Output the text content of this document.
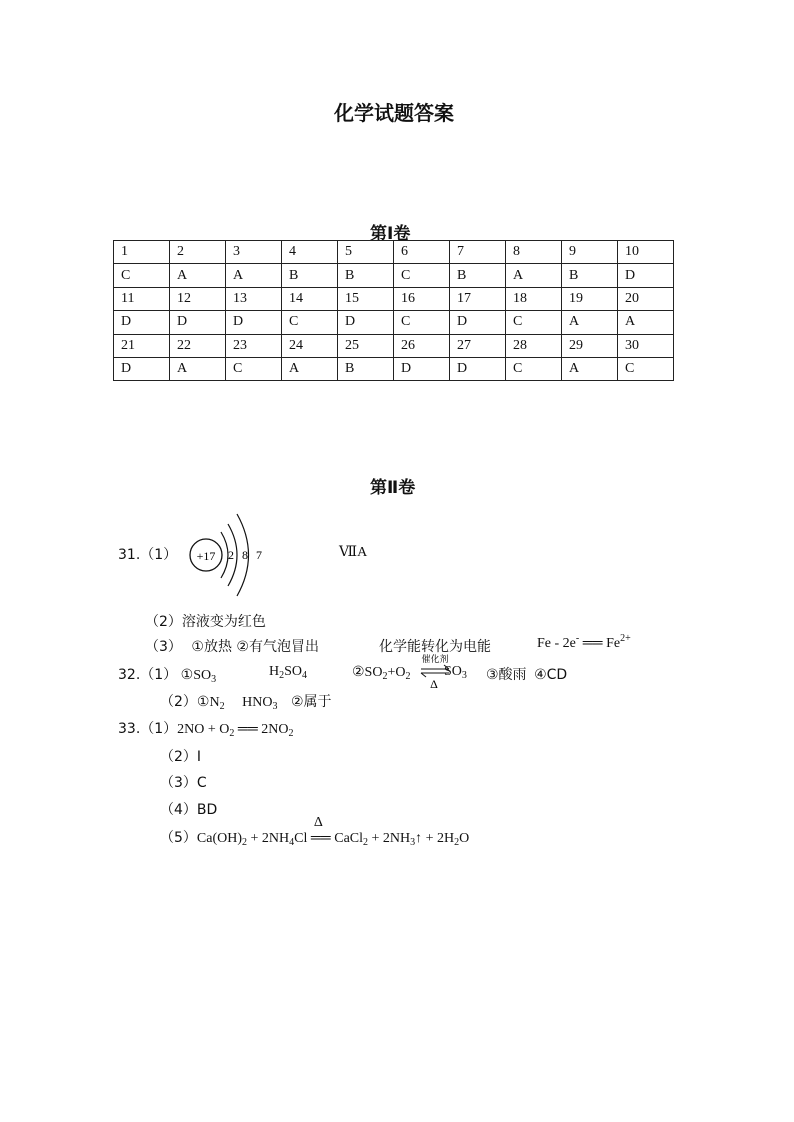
化学试题答案
第Ⅰ卷
1	2	3	4	5	6	7	8	9	10
C	A	A	B	B	C	B	A	B	D
11	12	13	14	15	16	17	18	19	20
D	D	D	C	D	C	D	C	A	A
21	22	23	24	25	26	27	28	29	30
D	A	C	A	B	D	D	C	A	C
第Ⅱ卷
31.（1） +17 2 8 7	ⅦA
（2）溶液变为红色
（3） ①放热 ②有气泡冒出	化学能转化为电能	Fe - 2e- ══ $Fe^{2+}$
32.（1） $①SO_3$
$H_2SO_4$	$②SO_2+O_2$
催化剂
Δ
$SO_3$ ③酸雨 ④CD
$(2)①N_2$ $HNO_3$ ②属于
$33.(1)2NO + O_2$ ══ $2NO_2$
（2）I
（3）C
（4）BD
$(5)Ca(OH)_2 + 2NH_4Cl$
Δ
══ CaCl$_2$ + $2NH_3↑ + 2H_2O$
